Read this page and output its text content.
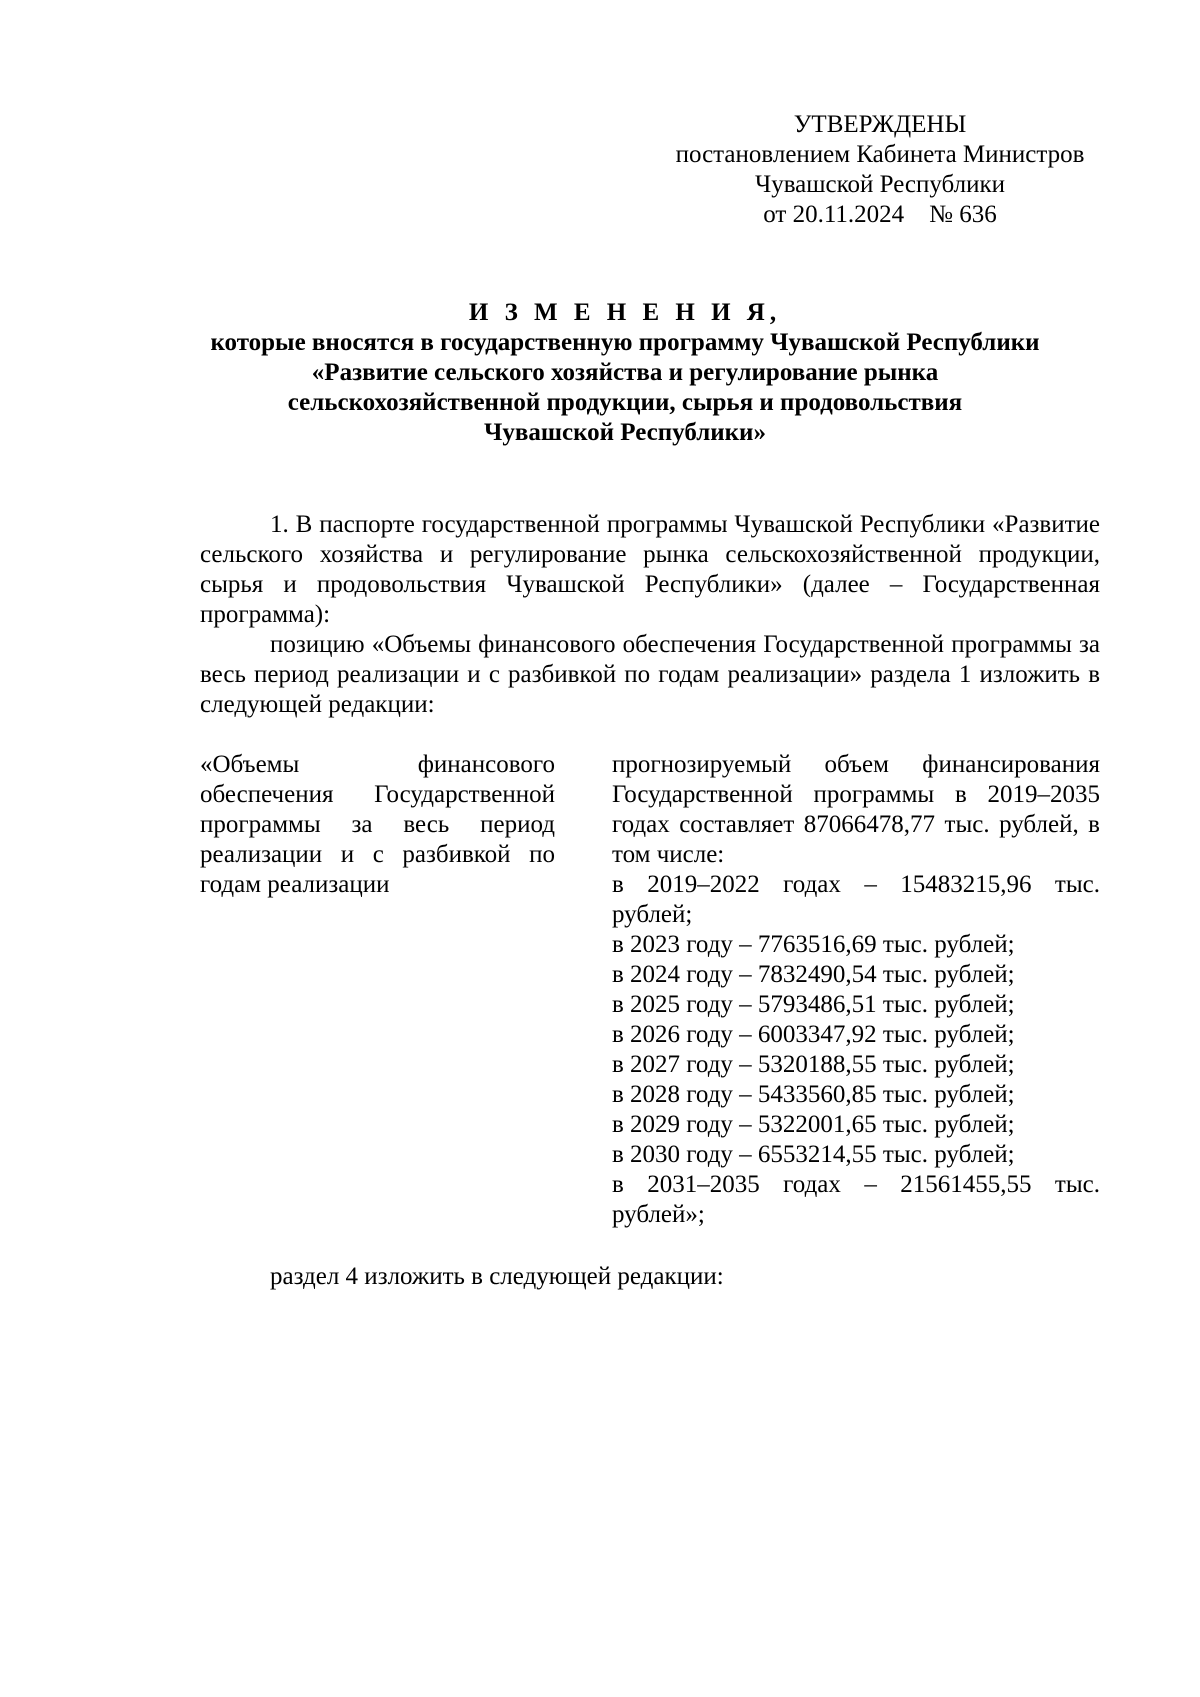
УТВЕРЖДЕНЫ
постановлением Кабинета Министров
Чувашской Республики
от 20.11.2024    № 636
И З М Е Н Е Н И Я,
которые вносятся в государственную программу Чувашской Республики
«Развитие сельского хозяйства и регулирование рынка
сельскохозяйственной продукции, сырья и продовольствия
Чувашской Республики»

1. В паспорте государственной программы Чувашской Республики «Развитие сельского хозяйства и регулирование рынка сельскохозяйственной продукции, сырья и продовольствия Чувашской Республики» (далее – Государственная программа):

позицию «Объемы финансового обеспечения Государственной программы за весь период реализации и с разбивкой по годам реализации» раздела 1 изложить в следующей редакции:

«Объемы финансового обеспечения Государственной программы за весь период реализации и с разбивкой по годам реализации

прогнозируемый объем финансирования Государственной программы в 2019–2035 годах составляет 87066478,77 тыс. рублей, в том числе:

в 2019–2022 годах – 15483215,96 тыс. рублей;

в 2023 году – 7763516,69 тыс. рублей;

в 2024 году – 7832490,54 тыс. рублей;

в 2025 году – 5793486,51 тыс. рублей;

в 2026 году – 6003347,92 тыс. рублей;

в 2027 году – 5320188,55 тыс. рублей;

в 2028 году – 5433560,85 тыс. рублей;

в 2029 году – 5322001,65 тыс. рублей;

в 2030 году – 6553214,55 тыс. рублей;

в 2031–2035 годах – 21561455,55 тыс. рублей»;

раздел 4 изложить в следующей редакции:
